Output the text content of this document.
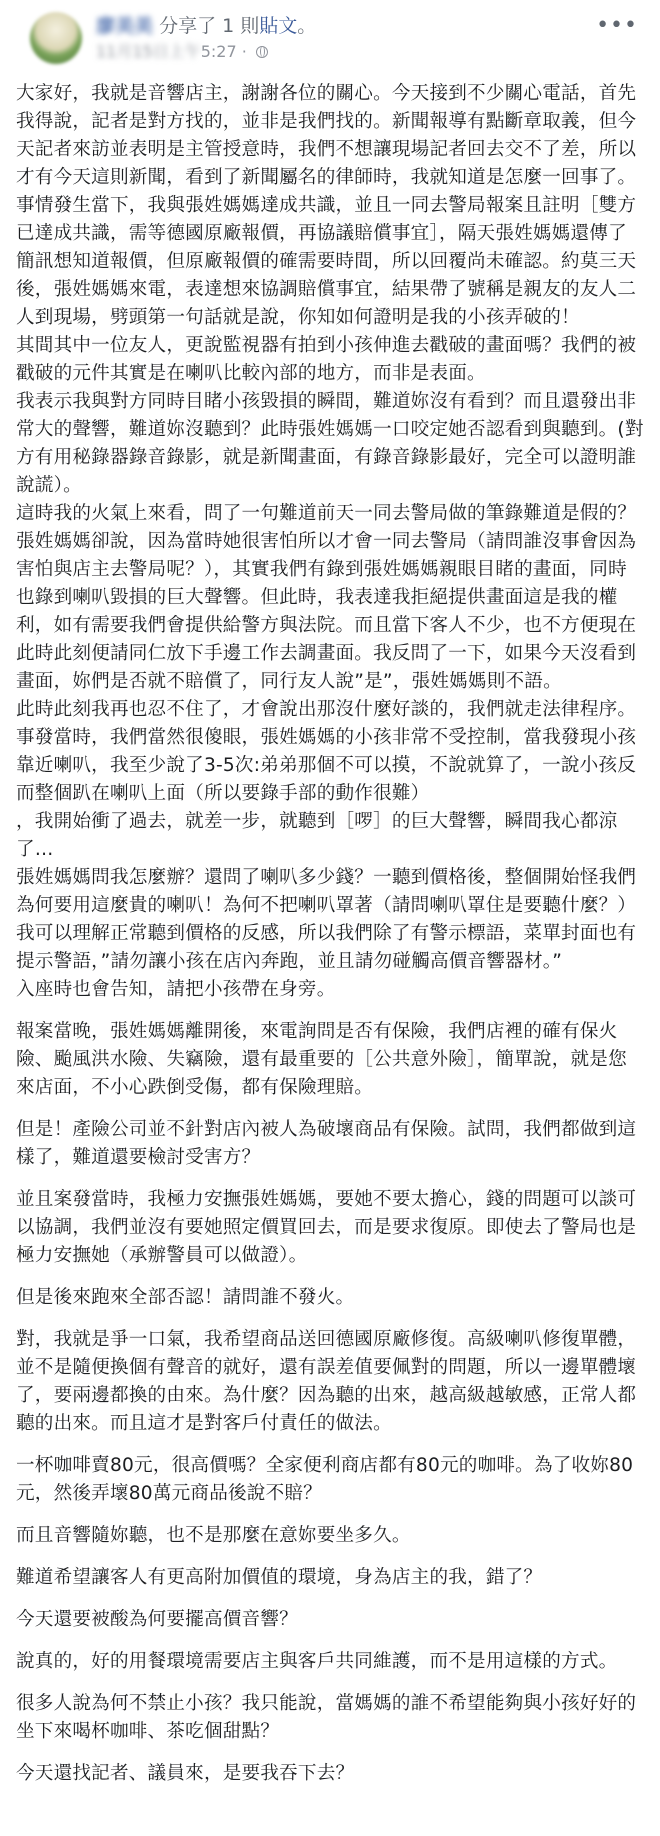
廖美美 分享了 1 則貼文。
11月15日上午5:27 ·
•••

大家好，我就是音響店主，謝謝各位的關心。今天接到不少關心電話，首先我得說，記者是對方找的，並非是我們找的。新聞報導有點斷章取義，但今天記者來訪並表明是主管授意時，我們不想讓現場記者回去交不了差，所以才有今天這則新聞，看到了新聞屬名的律師時，我就知道是怎麼一回事了。

事情發生當下，我與張姓媽媽達成共識，並且一同去警局報案且註明［雙方已達成共識，需等德國原廠報價，再協議賠償事宜］，隔天張姓媽媽還傳了簡訊想知道報價，但原廠報價的確需要時間，所以回覆尚未確認。約莫三天後，張姓媽媽來電，表達想來協調賠償事宜，結果帶了號稱是親友的友人二人到現場，劈頭第一句話就是說，你知如何證明是我的小孩弄破的！

其間其中一位友人，更說監視器有拍到小孩伸進去戳破的畫面嗎？我們的被戳破的元件其實是在喇叭比較內部的地方，而非是表面。

我表示我與對方同時目睹小孩毀損的瞬間，難道妳沒有看到？而且還發出非常大的聲響，難道妳沒聽到？此時張姓媽媽一口咬定她否認看到與聽到。(對方有用秘錄器錄音錄影，就是新聞畫面，有錄音錄影最好，完全可以證明誰說謊）。

這時我的火氣上來看，問了一句難道前天一同去警局做的筆錄難道是假的？張姓媽媽卻說，因為當時她很害怕所以才會一同去警局（請問誰沒事會因為害怕與店主去警局呢？），其實我們有錄到張姓媽媽親眼目睹的畫面，同時也錄到喇叭毀損的巨大聲響。但此時，我表達我拒絕提供畫面這是我的權利，如有需要我們會提供給警方與法院。而且當下客人不少，也不方便現在此時此刻便請同仁放下手邊工作去調畫面。我反問了一下，如果今天沒看到畫面，妳們是否就不賠償了，同行友人說”是”，張姓媽媽則不語。

此時此刻我再也忍不住了，才會說出那沒什麼好談的，我們就走法律程序。

事發當時，我們當然很傻眼，張姓媽媽的小孩非常不受控制，當我發現小孩靠近喇叭，我至少說了3-5次:弟弟那個不可以摸，不說就算了，一說小孩反而整個趴在喇叭上面（所以要錄手部的動作很難）

，我開始衝了過去，就差一步，就聽到［啰］的巨大聲響，瞬間我心都涼了…

張姓媽媽問我怎麼辦？還問了喇叭多少錢？一聽到價格後，整個開始怪我們為何要用這麼貴的喇叭！為何不把喇叭罩著（請問喇叭罩住是要聽什麼？）

我可以理解正常聽到價格的反感，所以我們除了有警示標語，菜單封面也有提示警語，”請勿讓小孩在店內奔跑，並且請勿碰觸高價音響器材。”

入座時也會告知，請把小孩帶在身旁。

報案當晚，張姓媽媽離開後，來電詢問是否有保險，我們店裡的確有保火險、颱風洪水險、失竊險，還有最重要的［公共意外險］，簡單說，就是您來店面，不小心跌倒受傷，都有保險理賠。

但是！產險公司並不針對店內被人為破壞商品有保險。試問，我們都做到這樣了，難道還要檢討受害方？

並且案發當時，我極力安撫張姓媽媽，要她不要太擔心，錢的問題可以談可以協調，我們並沒有要她照定價買回去，而是要求復原。即使去了警局也是極力安撫她（承辦警員可以做證）。

但是後來跑來全部否認！請問誰不發火。

對，我就是爭一口氣，我希望商品送回德國原廠修復。高級喇叭修復單體，並不是隨便換個有聲音的就好，還有誤差值要佩對的問題，所以一邊單體壞了，要兩邊都換的由來。為什麼？因為聽的出來，越高級越敏感，正常人都聽的出來。而且這才是對客戶付責任的做法。

一杯咖啡賣80元，很高價嗎？全家便利商店都有80元的咖啡。為了收妳80元，然後弄壞80萬元商品後說不賠？

而且音響隨妳聽，也不是那麼在意妳要坐多久。

難道希望讓客人有更高附加價值的環境，身為店主的我，錯了？

今天還要被酸為何要擺高價音響？

說真的，好的用餐環境需要店主與客戶共同維護，而不是用這樣的方式。

很多人說為何不禁止小孩？我只能說，當媽媽的誰不希望能夠與小孩好好的坐下來喝杯咖啡、茶吃個甜點？

今天還找記者、議員來，是要我吞下去？
